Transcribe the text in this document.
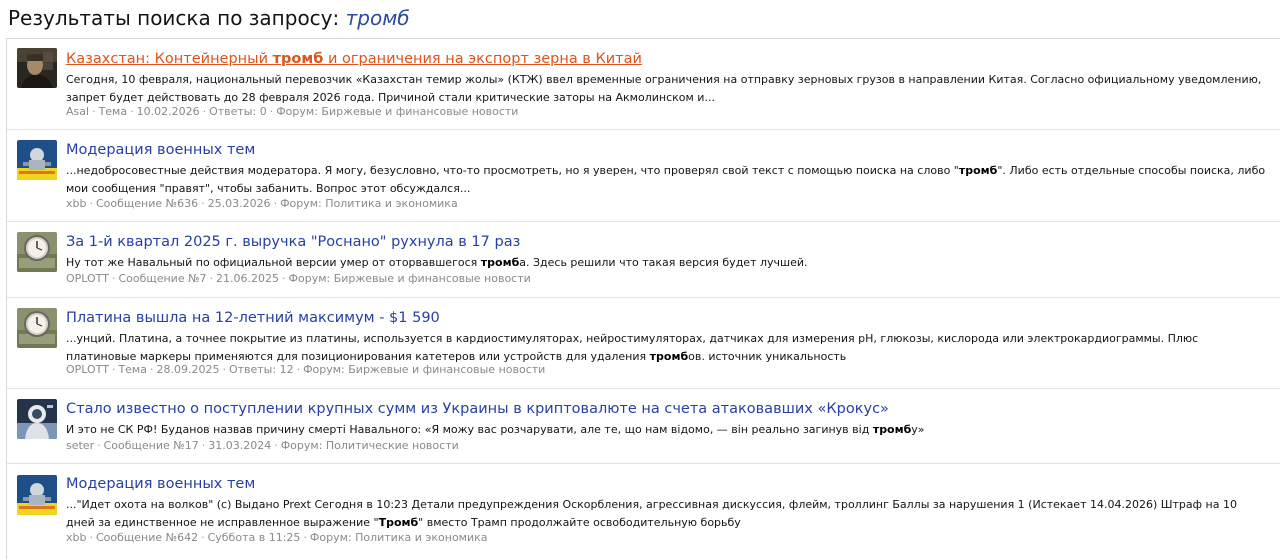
Результаты поиска по запросу: тромб
Казахстан: Контейнерный тромб и ограничения на экспорт зерна в Китай
Сегодня, 10 февраля, национальный перевозчик «Казахстан темир жолы» (КТЖ) ввел временные ограничения на отправку зерновых грузов в направлении Китая. Согласно официальному уведомлению, запрет будет действовать до 28 февраля 2026 года. Причиной стали критические заторы на Акмолинском и...
Asal · Тема · 10.02.2026 · Ответы: 0 · Форум: Биржевые и финансовые новости
Модерация военных тем
...недобросовестные действия модератора. Я могу, безусловно, что-то просмотреть, но я уверен, что проверял свой текст с помощью поиска на слово "тромб". Либо есть отдельные способы поиска, либо мои сообщения "правят", чтобы забанить. Вопрос этот обсуждался...
xbb · Сообщение №636 · 25.03.2026 · Форум: Политика и экономика
За 1-й квартал 2025 г. выручка "Роснано" рухнула в 17 раз
Ну тот же Навальный по официальной версии умер от оторвавшегося тромба. Здесь решили что такая версия будет лучшей.
OPLOTT · Сообщение №7 · 21.06.2025 · Форум: Биржевые и финансовые новости
Платина вышла на 12-летний максимум - $1 590
...унций. Платина, а точнее покрытие из платины, используется в кардиостимуляторах, нейростимуляторах, датчиках для измерения pH, глюкозы, кислорода или электрокардиограммы. Плюс платиновые маркеры применяются для позиционирования катетеров или устройств для удаления тромбов. источник уникальность
OPLOTT · Тема · 28.09.2025 · Ответы: 12 · Форум: Биржевые и финансовые новости
Стало известно о поступлении крупных сумм из Украины в криптовалюте на счета атаковавших «Крокус»
И это не СК РФ! Буданов назвав причину смерті Навального: «Я можу вас розчарувати, але те, що нам відомо, — він реально загинув від тромбу»
seter · Сообщение №17 · 31.03.2024 · Форум: Политические новости
Модерация военных тем
..."Идет охота на волков" (с) Выдано Prext Сегодня в 10:23 Детали предупреждения Оскорбления, агрессивная дискуссия, флейм, троллинг Баллы за нарушения 1 (Истекает 14.04.2026) Штраф на 10 дней за единственное не исправленное выражение "Тромб" вместо Трамп продолжайте освободительную борьбу
xbb · Сообщение №642 · Суббота в 11:25 · Форум: Политика и экономика
